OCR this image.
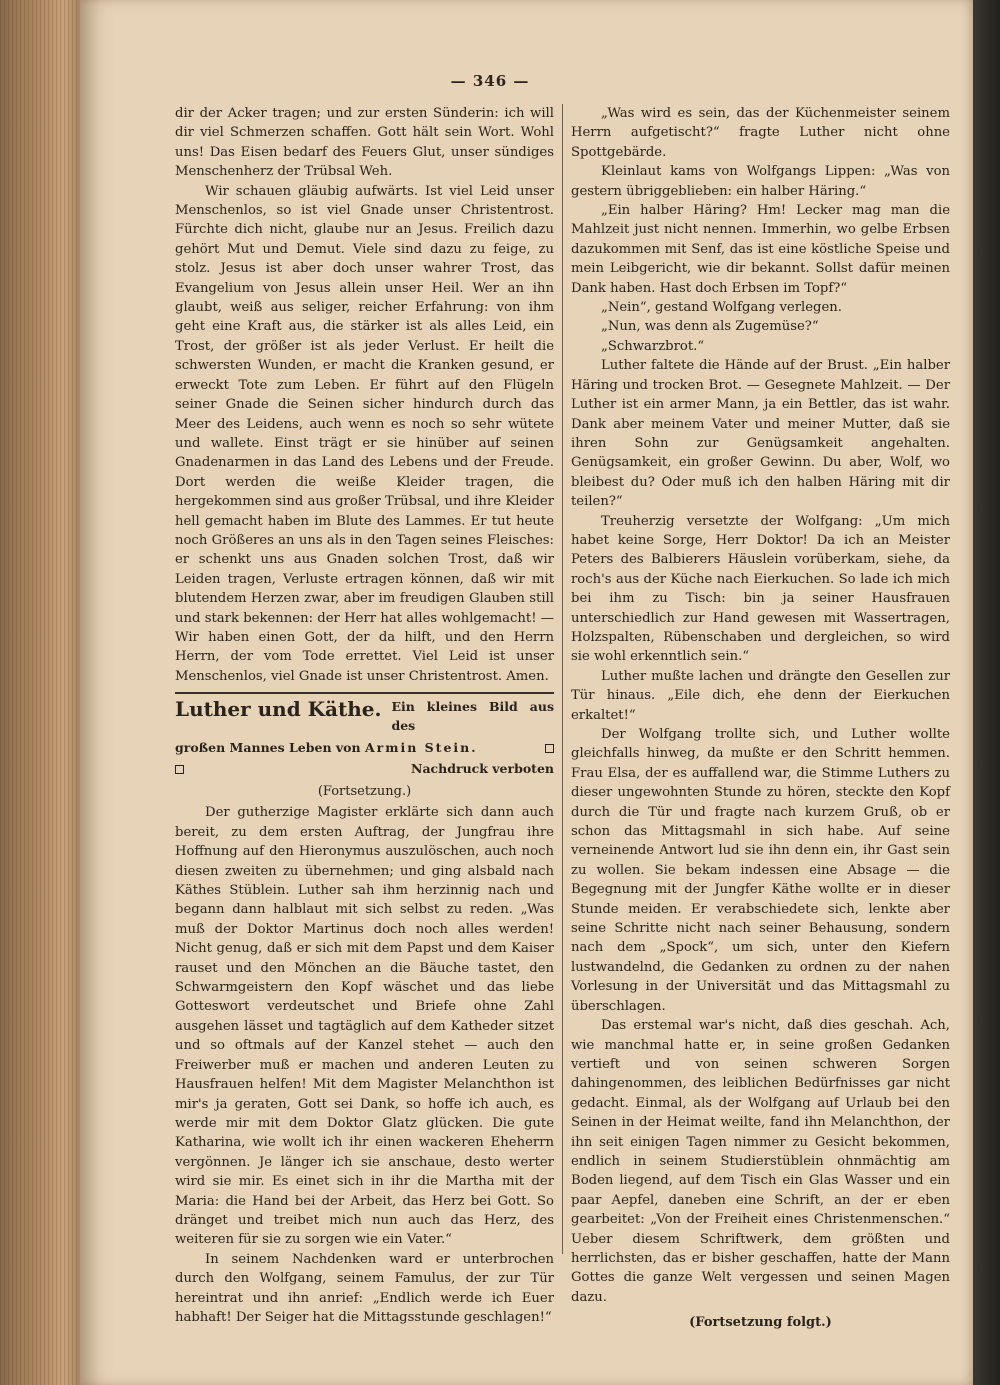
— 346 —

dir der Acker tragen; und zur ersten Sünderin: ich will dir viel Schmerzen schaffen. Gott hält sein Wort. Wohl uns! Das Eisen bedarf des Feuers Glut, unser sündiges Menschenherz der Trübsal Weh.

Wir schauen gläubig aufwärts. Ist viel Leid unser Menschenlos, so ist viel Gnade unser Christentrost. Fürchte dich nicht, glaube nur an Jesus. Freilich dazu gehört Mut und Demut. Viele sind dazu zu feige, zu stolz. Jesus ist aber doch unser wahrer Trost, das Evangelium von Jesus allein unser Heil. Wer an ihn glaubt, weiß aus seliger, reicher Erfahrung: von ihm geht eine Kraft aus, die stärker ist als alles Leid, ein Trost, der größer ist als jeder Verlust. Er heilt die schwersten Wunden, er macht die Kranken gesund, er erweckt Tote zum Leben. Er führt auf den Flügeln seiner Gnade die Seinen sicher hindurch durch das Meer des Leidens, auch wenn es noch so sehr wütete und wallete. Einst trägt er sie hinüber auf seinen Gnadenarmen in das Land des Lebens und der Freude. Dort werden die weiße Kleider tragen, die hergekommen sind aus großer Trübsal, und ihre Kleider hell gemacht haben im Blute des Lammes. Er tut heute noch Größeres an uns als in den Tagen seines Fleisches: er schenkt uns aus Gnaden solchen Trost, daß wir Leiden tragen, Verluste ertragen können, daß wir mit blutendem Herzen zwar, aber im freudigen Glauben still und stark bekennen: der Herr hat alles wohlgemacht! — Wir haben einen Gott, der da hilft, und den Herrn Herrn, der vom Tode errettet. Viel Leid ist unser Menschenlos, viel Gnade ist unser Christentrost. Amen.

Luther und Käthe. Ein kleines Bild aus des
großen Mannes Leben von Armin Stein.
Nachdruck verboten
(Fortsetzung.)

Der gutherzige Magister erklärte sich dann auch bereit, zu dem ersten Auftrag, der Jungfrau ihre Hoffnung auf den Hieronymus auszulöschen, auch noch diesen zweiten zu übernehmen; und ging alsbald nach Käthes Stüblein. Luther sah ihm herzinnig nach und begann dann halblaut mit sich selbst zu reden. „Was muß der Doktor Martinus doch noch alles werden! Nicht genug, daß er sich mit dem Papst und dem Kaiser rauset und den Mönchen an die Bäuche tastet, den Schwarmgeistern den Kopf wäschet und das liebe Gotteswort verdeutschet und Briefe ohne Zahl ausgehen lässet und tagtäglich auf dem Katheder sitzet und so oftmals auf der Kanzel stehet — auch den Freiwerber muß er machen und anderen Leuten zu Hausfrauen helfen! Mit dem Magister Melanchthon ist mir's ja geraten, Gott sei Dank, so hoffe ich auch, es werde mir mit dem Doktor Glatz glücken. Die gute Katharina, wie wollt ich ihr einen wackeren Eheherrn vergönnen. Je länger ich sie anschaue, desto werter wird sie mir. Es einet sich in ihr die Martha mit der Maria: die Hand bei der Arbeit, das Herz bei Gott. So dränget und treibet mich nun auch das Herz, des weiteren für sie zu sorgen wie ein Vater.“

In seinem Nachdenken ward er unterbrochen durch den Wolfgang, seinem Famulus, der zur Tür hereintrat und ihn anrief: „Endlich werde ich Euer habhaft! Der Seiger hat die Mittagsstunde geschlagen!“

„Was wird es sein, das der Küchenmeister seinem Herrn aufgetischt?“ fragte Luther nicht ohne Spottgebärde.

Kleinlaut kams von Wolfgangs Lippen: „Was von gestern übriggeblieben: ein halber Häring.“

„Ein halber Häring? Hm! Lecker mag man die Mahlzeit just nicht nennen. Immerhin, wo gelbe Erbsen dazukommen mit Senf, das ist eine köstliche Speise und mein Leibgericht, wie dir bekannt. Sollst dafür meinen Dank haben. Hast doch Erbsen im Topf?“

„Nein“, gestand Wolfgang verlegen.

„Nun, was denn als Zugemüse?“

„Schwarzbrot.“

Luther faltete die Hände auf der Brust. „Ein halber Häring und trocken Brot. — Gesegnete Mahlzeit. — Der Luther ist ein armer Mann, ja ein Bettler, das ist wahr. Dank aber meinem Vater und meiner Mutter, daß sie ihren Sohn zur Genügsamkeit angehalten. Genügsamkeit, ein großer Gewinn. Du aber, Wolf, wo bleibest du? Oder muß ich den halben Häring mit dir teilen?“

Treuherzig versetzte der Wolfgang: „Um mich habet keine Sorge, Herr Doktor! Da ich an Meister Peters des Balbierers Häuslein vorüberkam, siehe, da roch's aus der Küche nach Eierkuchen. So lade ich mich bei ihm zu Tisch: bin ja seiner Hausfrauen unterschiedlich zur Hand gewesen mit Wassertragen, Holzspalten, Rübenschaben und dergleichen, so wird sie wohl erkenntlich sein.“

Luther mußte lachen und drängte den Gesellen zur Tür hinaus. „Eile dich, ehe denn der Eierkuchen erkaltet!“

Der Wolfgang trollte sich, und Luther wollte gleichfalls hinweg, da mußte er den Schritt hemmen. Frau Elsa, der es auffallend war, die Stimme Luthers zu dieser ungewohnten Stunde zu hören, steckte den Kopf durch die Tür und fragte nach kurzem Gruß, ob er schon das Mittagsmahl in sich habe. Auf seine verneinende Antwort lud sie ihn denn ein, ihr Gast sein zu wollen. Sie bekam indessen eine Absage — die Begegnung mit der Jungfer Käthe wollte er in dieser Stunde meiden. Er verabschiedete sich, lenkte aber seine Schritte nicht nach seiner Behausung, sondern nach dem „Spock“, um sich, unter den Kiefern lustwandelnd, die Gedanken zu ordnen zu der nahen Vorlesung in der Universität und das Mittagsmahl zu überschlagen.

Das erstemal war's nicht, daß dies geschah. Ach, wie manchmal hatte er, in seine großen Gedanken vertieft und von seinen schweren Sorgen dahingenommen, des leiblichen Bedürfnisses gar nicht gedacht. Einmal, als der Wolfgang auf Urlaub bei den Seinen in der Heimat weilte, fand ihn Melanchthon, der ihn seit einigen Tagen nimmer zu Gesicht bekommen, endlich in seinem Studierstüblein ohnmächtig am Boden liegend, auf dem Tisch ein Glas Wasser und ein paar Aepfel, daneben eine Schrift, an der er eben gearbeitet: „Von der Freiheit eines Christenmenschen.“ Ueber diesem Schriftwerk, dem größten und herrlichsten, das er bisher geschaffen, hatte der Mann Gottes die ganze Welt vergessen und seinen Magen dazu.

(Fortsetzung folgt.)
